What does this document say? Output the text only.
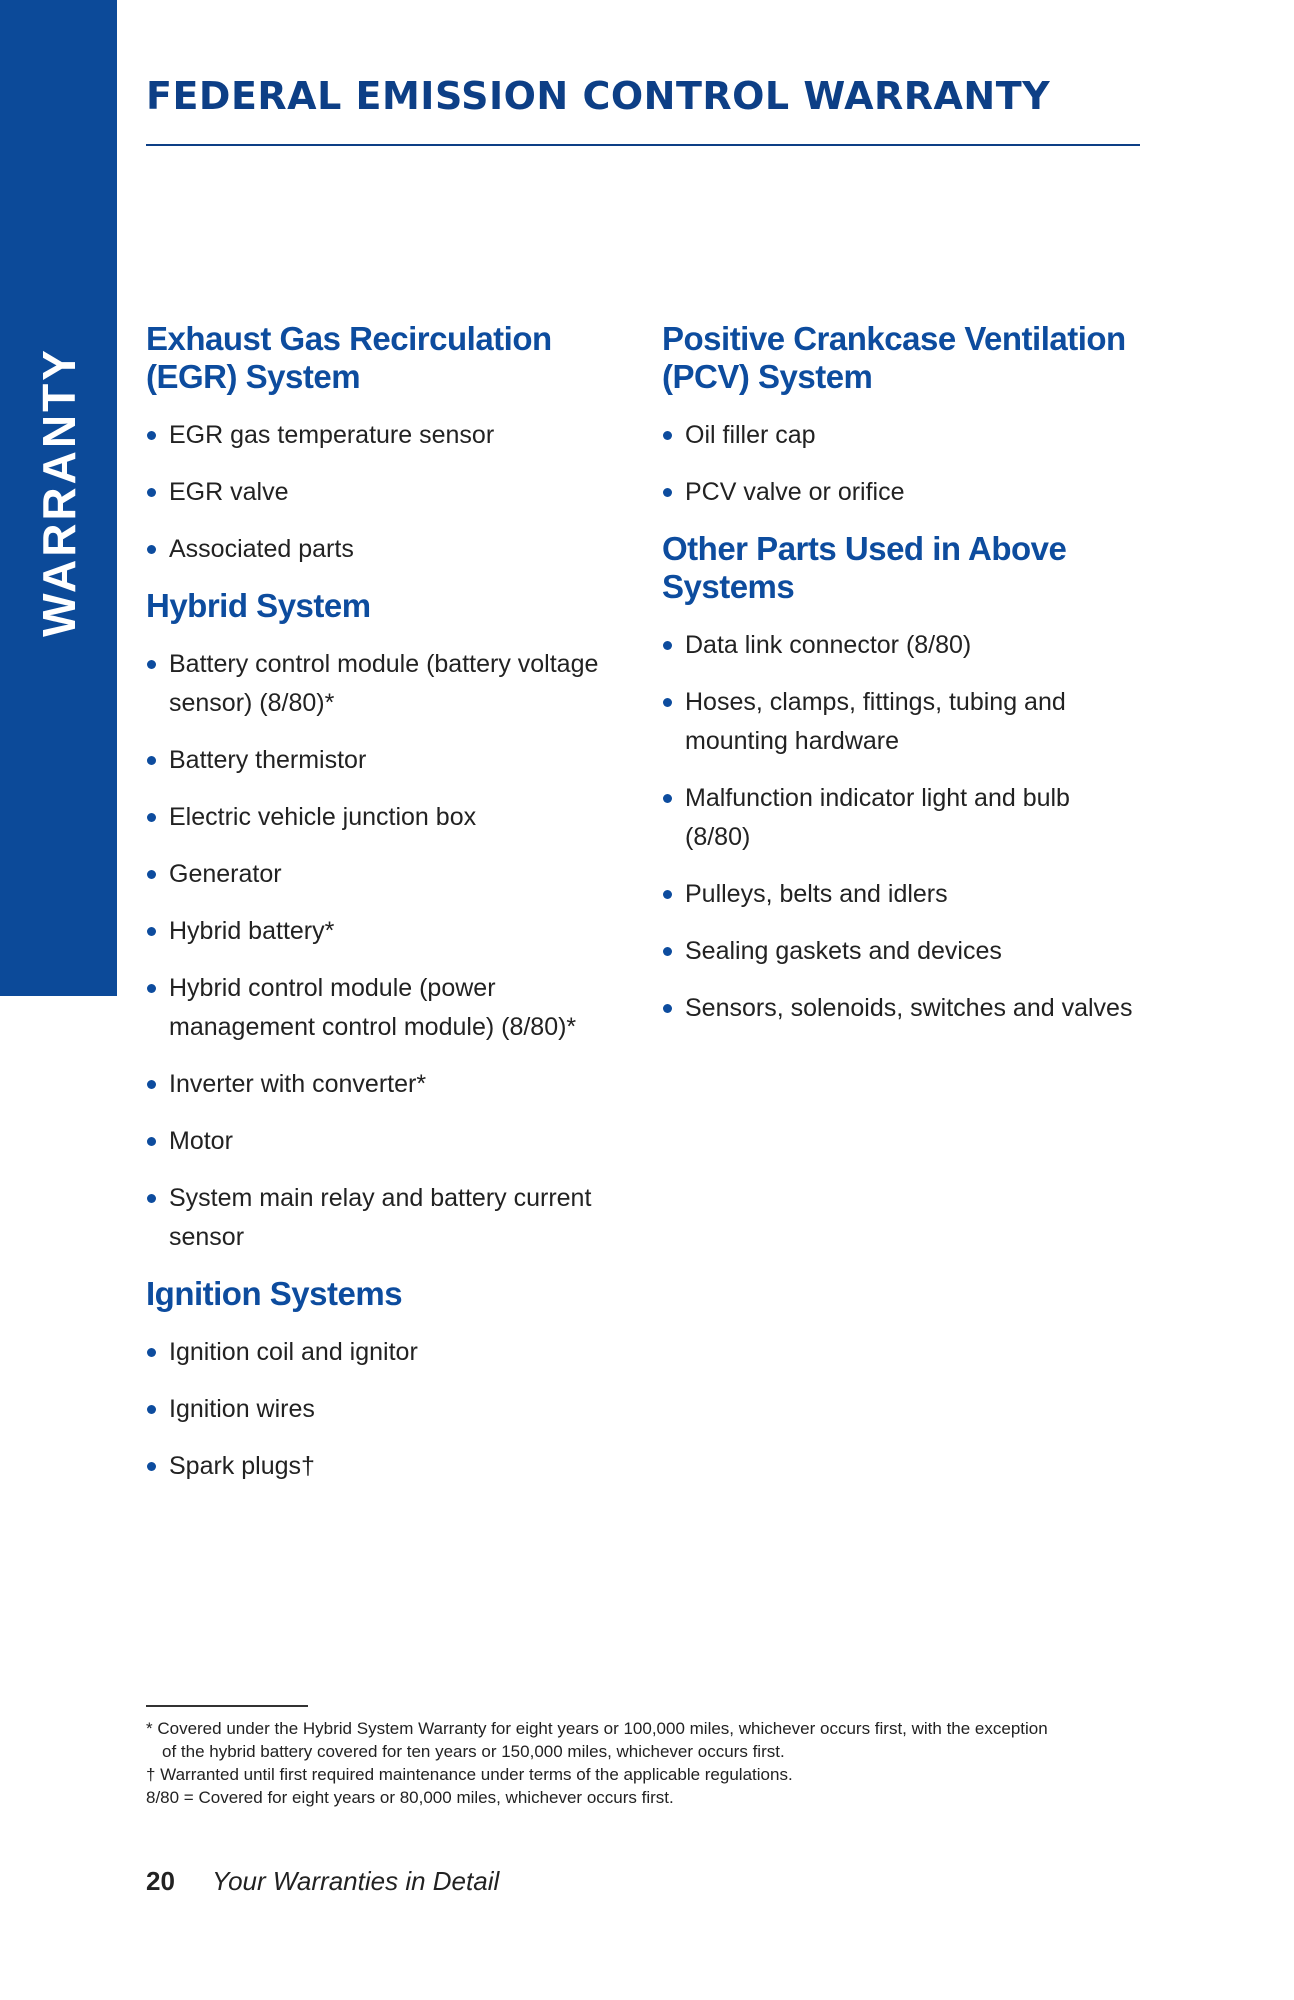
WARRANTY
FEDERAL EMISSION CONTROL WARRANTY
Exhaust Gas Recirculation (EGR) System
EGR gas temperature sensor
EGR valve
Associated parts
Hybrid System
Battery control module (battery voltage sensor) (8/80)*
Battery thermistor
Electric vehicle junction box
Generator
Hybrid battery*
Hybrid control module (power management control module) (8/80)*
Inverter with converter*
Motor
System main relay and battery current sensor
Ignition Systems
Ignition coil and ignitor
Ignition wires
Spark plugs†
Positive Crankcase Ventilation (PCV) System
Oil filler cap
PCV valve or orifice
Other Parts Used in Above Systems
Data link connector (8/80)
Hoses, clamps, fittings, tubing and mounting hardware
Malfunction indicator light and bulb (8/80)
Pulleys, belts and idlers
Sealing gaskets and devices
Sensors, solenoids, switches and valves

* Covered under the Hybrid System Warranty for eight years or 100,000 miles, whichever occurs first, with the exception of the hybrid battery covered for ten years or 150,000 miles, whichever occurs first.

† Warranted until first required maintenance under terms of the applicable regulations.

8/80 = Covered for eight years or 80,000 miles, whichever occurs first.

20 Your Warranties in Detail
